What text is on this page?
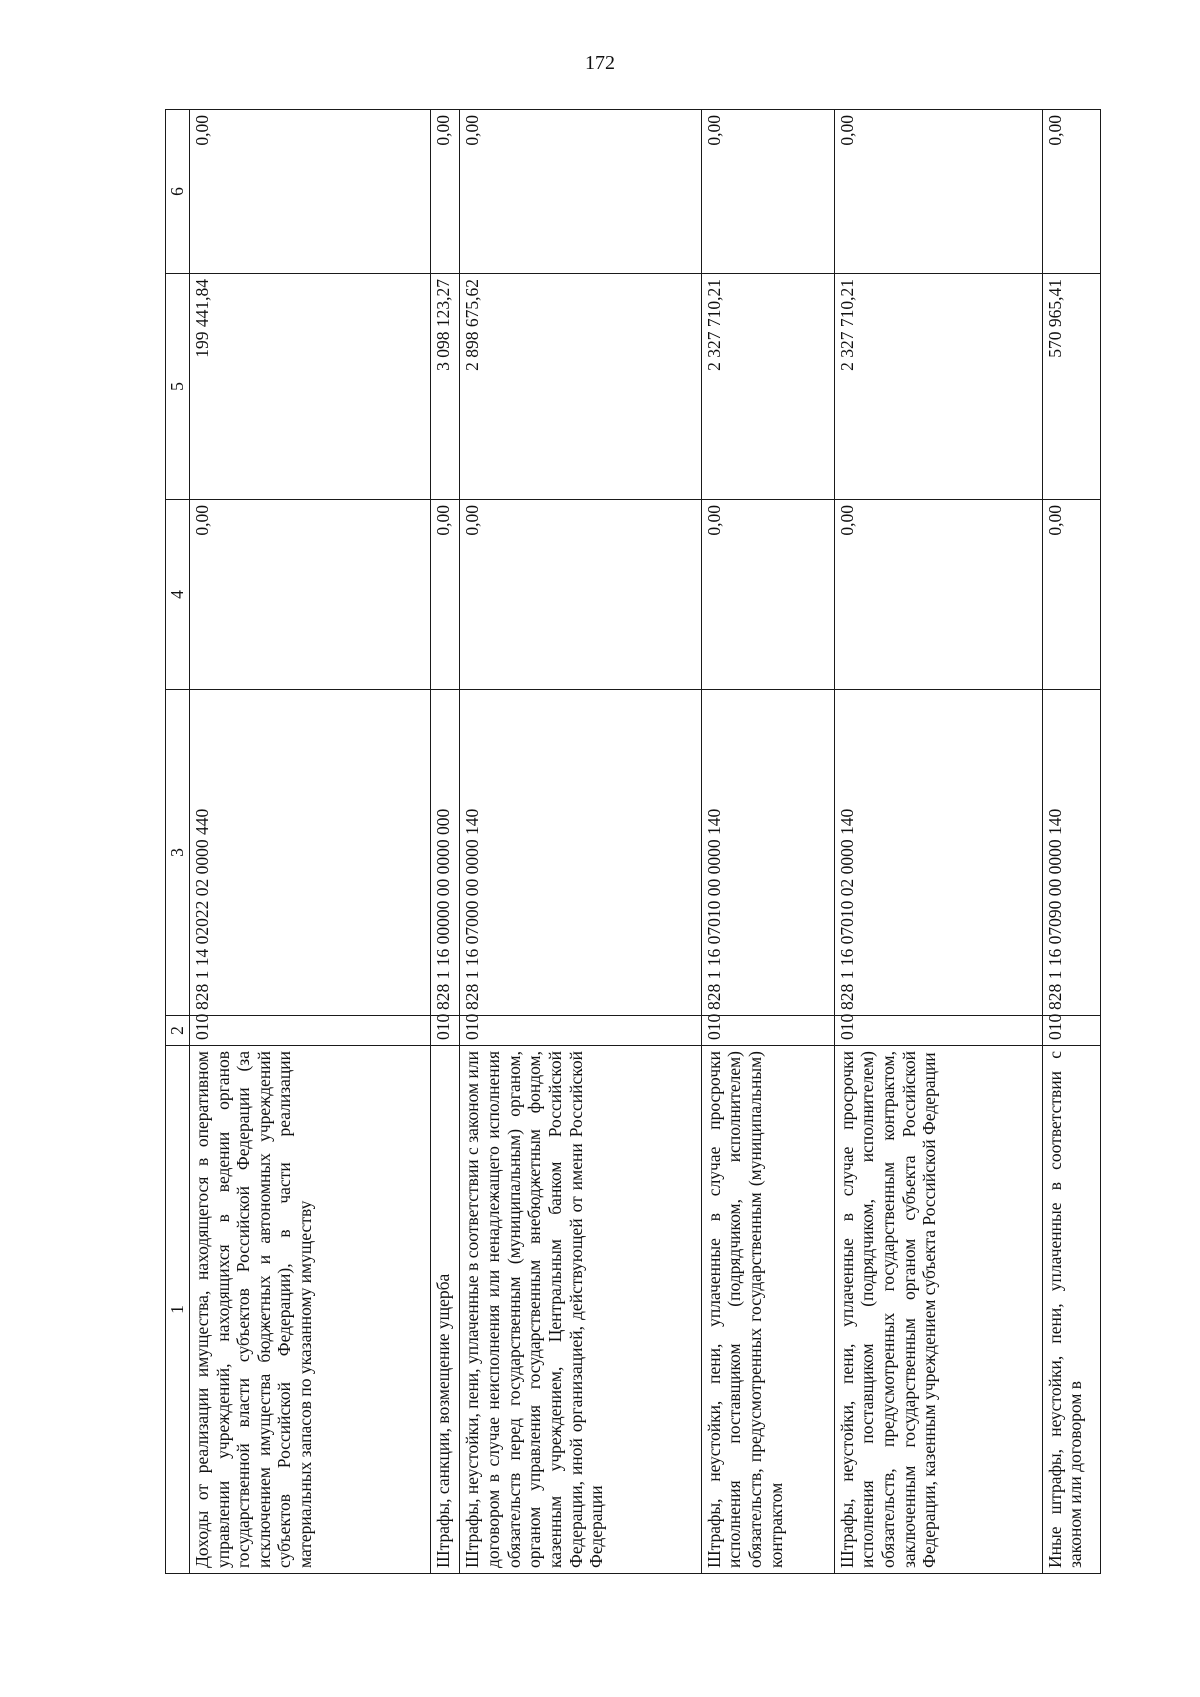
172
1	2	3	4	5	6
Доходы от реализации имущества, находящегося в оперативном управлении учреждений, находящихся в ведении органов государственной власти субъектов Российской Федерации (за исключением имущества бюджетных и автономных учреждений субъектов Российской Федерации), в части реализации материальных запасов по указанному имуществу	010	828 1 14 02022 02 0000 440	0,00	199 441,84	0,00
Штрафы, санкции, возмещение ущерба	010	828 1 16 00000 00 0000 000	0,00	3 098 123,27	0,00
Штрафы, неустойки, пени, уплаченные в соответствии с законом или договором в случае неисполнения или ненадлежащего исполнения обязательств перед государственным (муниципальным) органом, органом управления государственным внебюджетным фондом, казенным учреждением, Центральным банком Российской Федерации, иной организацией, действующей от имени Российской Федерации	010	828 1 16 07000 00 0000 140	0,00	2 898 675,62	0,00
Штрафы, неустойки, пени, уплаченные в случае просрочки исполнения поставщиком (подрядчиком, исполнителем) обязательств, предусмотренных государственным (муниципальным) контрактом	010	828 1 16 07010 00 0000 140	0,00	2 327 710,21	0,00
Штрафы, неустойки, пени, уплаченные в случае просрочки исполнения поставщиком (подрядчиком, исполнителем) обязательств, предусмотренных государственным контрактом, заключенным государственным органом субъекта Российской Федерации, казенным учреждением субъекта Российской Федерации	010	828 1 16 07010 02 0000 140	0,00	2 327 710,21	0,00
Иные штрафы, неустойки, пени, уплаченные в соответствии с законом или договором в	010	828 1 16 07090 00 0000 140	0,00	570 965,41	0,00
